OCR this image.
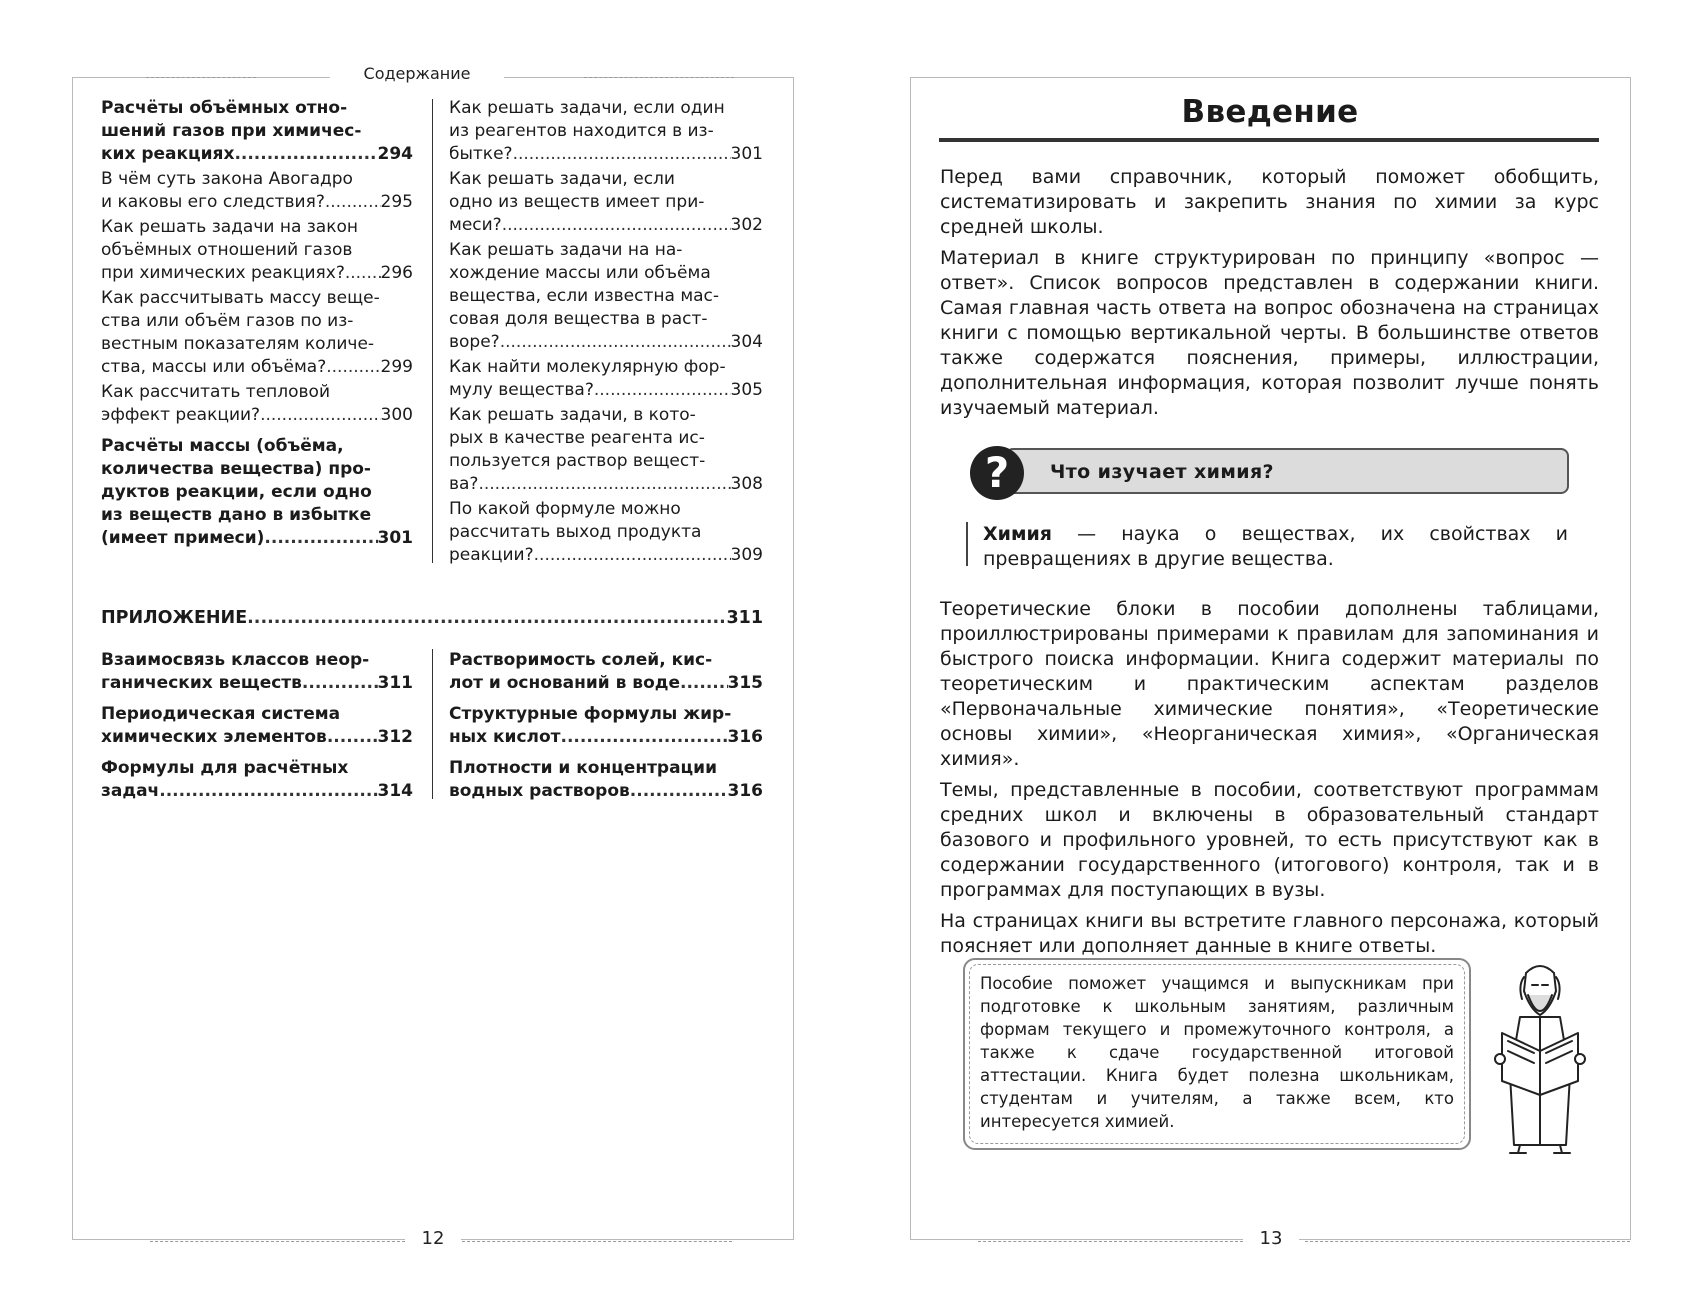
Содержание
Расчёты объёмных отно-
шений газов при химичес-
ких реакциях .....	294
В чём суть закона Авогадро
и каковы его следствия? .....	295
Как решать задачи на закон
объёмных отношений газов
при химических реакциях? ..... 296
Как рассчитывать массу веще-
ства или объём газов по из-
вестным показателям количе-
ства, массы или объёма? .....	299
Как рассчитать тепловой
эффект реакции? .....	300
Расчёты массы (объёма,
количества вещества) про-
дуктов реакции, если одно
из веществ дано в избытке
(имеет примеси) .....	301
Как решать задачи, если один
из реагентов находится в из-
бытке? .....	301
Как решать задачи, если
одно из веществ имеет при-
меси? .....	302
Как решать задачи на на-
хождение массы или объёма
вещества, если известна мас-
совая доля вещества в раст-
воре? .....	304
Как найти молекулярную фор-
мулу вещества? .....	305
Как решать задачи, в кото-
рых в качестве реагента ис-
пользуется раствор вещест-
ва? .....	308
По какой формуле можно
рассчитать выход продукта
реакции? .....	309
ПРИЛОЖЕНИЕ .....	311
Взаимосвязь классов неор-
ганических веществ .....	311
Периодическая система
химических элементов .....	312
Формулы для расчётных
задач .....	314
Растворимость солей, кис-
лот и оснований в воде .....	315
Структурные формулы жир-
ных кислот .....	316
Плотности и концентрации
водных растворов .....	316
12
Введение

Перед вами справочник, который поможет обобщить, систематизировать и закрепить знания по химии за курс средней школы.

Материал в книге структурирован по принципу «вопрос — ответ». Список вопросов представлен в содержании книги. Самая главная часть ответа на вопрос обозначена на страницах книги с помощью вертикальной черты. В большинстве ответов также содержатся пояснения, примеры, иллюстрации, дополнительная информация, которая позволит лучше понять изучаемый материал.

?	Что изучает химия?
Химия — наука о веществах, их свойствах и превращениях в другие вещества.

Теоретические блоки в пособии дополнены таблицами, проиллюстрированы примерами к правилам для запоминания и быстрого поиска информации. Книга содержит материалы по теоретическим и практическим аспектам разделов «Первоначальные химические понятия», «Теоретические основы химии», «Неорганическая химия», «Органическая химия».

Темы, представленные в пособии, соответствуют программам средних школ и включены в образовательный стандарт базового и профильного уровней, то есть присутствуют как в содержании государственного (итогового) контроля, так и в программах для поступающих в вузы.

На страницах книги вы встретите главного персонажа, который поясняет или дополняет данные в книге ответы.

Пособие поможет учащимся и выпускникам при подготовке к школьным занятиям, различным формам текущего и промежуточного контроля, а также к сдаче государственной итоговой аттестации. Книга будет полезна школьникам, студентам и учителям, а также всем, кто интересуется химией.
13
